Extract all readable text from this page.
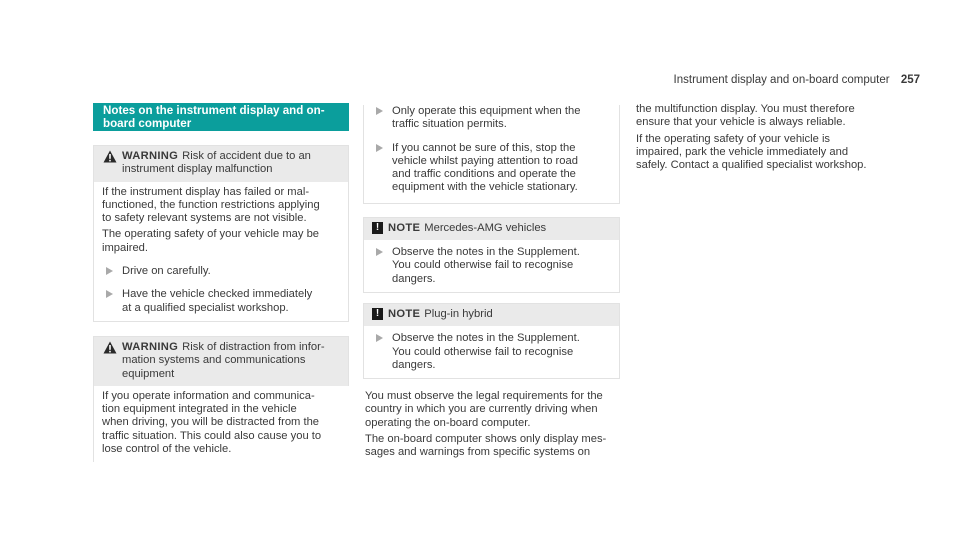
Instrument display and on-board computer 257
Notes on the instrument display and on-
board computer

WARNING Risk of accident due to an

instrument display malfunction

If the instrument display has failed or mal-
functioned, the function restrictions applying
to safety relevant systems are not visible.

The operating safety of your vehicle may be
impaired.

Drive on carefully.

Have the vehicle checked immediately
at a qualified specialist workshop.

WARNING Risk of distraction from infor-

mation systems and communications

equipment

If you operate information and communica-
tion equipment integrated in the vehicle
when driving, you will be distracted from the
traffic situation. This could also cause you to
lose control of the vehicle.

Only operate this equipment when the
traffic situation permits.

If you cannot be sure of this, stop the
vehicle whilst paying attention to road
and traffic conditions and operate the
equipment with the vehicle stationary.

! NOTE Mercedes-AMG vehicles

Observe the notes in the Supplement.
You could otherwise fail to recognise
dangers.

! NOTE Plug-in hybrid

Observe the notes in the Supplement.
You could otherwise fail to recognise
dangers.

You must observe the legal requirements for the
country in which you are currently driving when
operating the on-board computer.

The on-board computer shows only display mes-
sages and warnings from specific systems on

the multifunction display. You must therefore
ensure that your vehicle is always reliable.

If the operating safety of your vehicle is
impaired, park the vehicle immediately and
safely. Contact a qualified specialist workshop.
